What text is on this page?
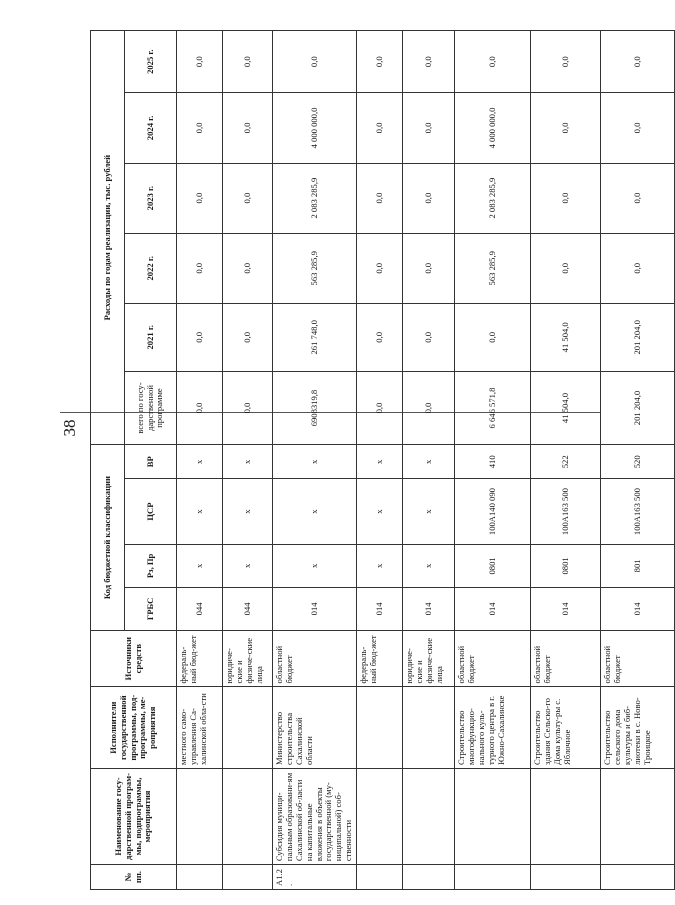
38
№ пп.	Наименование госу-дарственной програм-мы, подпрограммы, мероприятия	Исполнители государственной программы, под-программы, ме-роприятия	Источники средств	Код бюджетной классификации				Расходы по годам реализации, тыс. рублей					
				ГРБС	Рз, Пр	ЦСР	ВР	всего по госу-дарственной программе	2021 г.	2022 г.	2023 г.	2024 г.	2025 г.
		местного само-управления Са-халинской обла-сти	федераль-ный бюд-жет	044	x	x	x	0,0	0,0	0,0	0,0	0,0	0,0
			юридиче-ские и физиче-ские лица	044	x	x	x	0,0	0,0	0,0	0,0	0,0	0,0
А1.2.	Субсидия муници-пальным образовани-ям Сахалинской об-ласти на капитальные вложения в объекты государственной (му-ниципальной) соб-ственности	Министерство строительства Сахалинской области	областной бюджет	014	x	x	x	6908319,8	261 748,0	563 285,9	2 083 285,9	4 000 000,0	0,0
			федераль-ный бюд-жет	014	x	x	x	0,0	0,0	0,0	0,0	0,0	0,0
			юридиче-ские и физиче-ские лица	014	x	x	x	0,0	0,0	0,0	0,0	0,0	0,0
		Строительство многофункцио-нального куль-турного центра в г. Южно-Сахалинске	областной бюджет	014	0801	100А140 090	410	6 646 571,8	0,0	563 285,9	2 083 285,9	4 000 000,0	0,0
		Строительство здания Сельско-го Дома культу-ры с. Яблочное	областной бюджет	014	0801	100А163 500	522	41 504,0	41 504,0	0,0	0,0	0,0	0,0
		Строительство сельского дома культуры и биб-лиотеки в с. Ново-Троицкое	областной бюджет	014	801	100А163 500	520	201 204,0	201 204,0	0,0	0,0	0,0	0,0
